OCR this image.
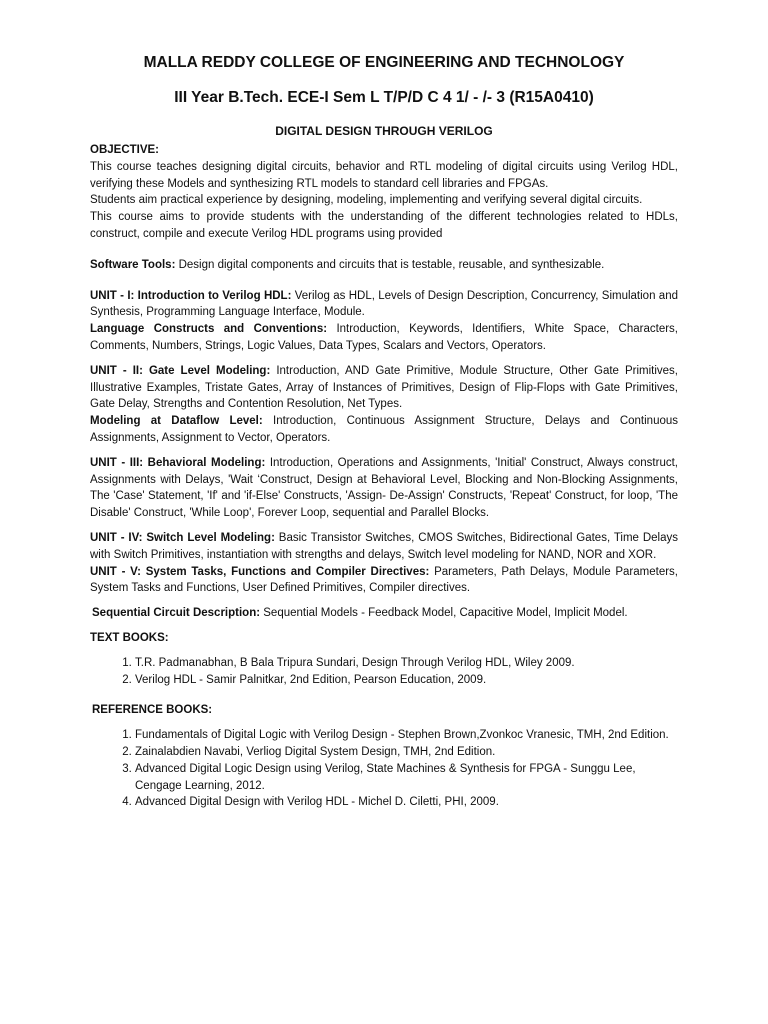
MALLA REDDY COLLEGE OF ENGINEERING AND TECHNOLOGY
III Year B.Tech. ECE-I Sem L T/P/D C 4 1/ - /- 3 (R15A0410)
DIGITAL DESIGN THROUGH VERILOG

OBJECTIVE:

This course teaches designing digital circuits, behavior and RTL modeling of digital circuits using Verilog HDL, verifying these Models and synthesizing RTL models to standard cell libraries and FPGAs.

Students aim practical experience by designing, modeling, implementing and verifying several digital circuits.

This course aims to provide students with the understanding of the different technologies related to HDLs, construct, compile and execute Verilog HDL programs using provided

Software Tools: Design digital components and circuits that is testable, reusable, and synthesizable.

UNIT - I: Introduction to Verilog HDL: Verilog as HDL, Levels of Design Description, Concurrency, Simulation and Synthesis, Programming Language Interface, Module.

Language Constructs and Conventions: Introduction, Keywords, Identifiers, White Space, Characters, Comments, Numbers, Strings, Logic Values, Data Types, Scalars and Vectors, Operators.

UNIT - II: Gate Level Modeling: Introduction, AND Gate Primitive, Module Structure, Other Gate Primitives, Illustrative Examples, Tristate Gates, Array of Instances of Primitives, Design of Flip-Flops with Gate Primitives, Gate Delay, Strengths and Contention Resolution, Net Types.

Modeling at Dataflow Level: Introduction, Continuous Assignment Structure, Delays and Continuous Assignments, Assignment to Vector, Operators.

UNIT - III: Behavioral Modeling: Introduction, Operations and Assignments, 'Initial' Construct, Always construct, Assignments with Delays, 'Wait ‘Construct, Design at Behavioral Level, Blocking and Non-Blocking Assignments, The 'Case' Statement, 'If' and 'if-Else' Constructs, 'Assign- De-Assign' Constructs, 'Repeat' Construct, for loop, 'The Disable' Construct, 'While Loop', Forever Loop, sequential and Parallel Blocks.

UNIT - IV: Switch Level Modeling: Basic Transistor Switches, CMOS Switches, Bidirectional Gates, Time Delays with Switch Primitives, instantiation with strengths and delays, Switch level modeling for NAND, NOR and XOR.

UNIT - V: System Tasks, Functions and Compiler Directives: Parameters, Path Delays, Module Parameters, System Tasks and Functions, User Defined Primitives, Compiler directives.

Sequential Circuit Description: Sequential Models - Feedback Model, Capacitive Model, Implicit Model.

TEXT BOOKS:

1. T.R. Padmanabhan, B Bala Tripura Sundari, Design Through Verilog HDL, Wiley 2009.
2. Verilog HDL - Samir Palnitkar, 2nd Edition, Pearson Education, 2009.

REFERENCE BOOKS:

1. Fundamentals of Digital Logic with Verilog Design - Stephen Brown,Zvonkoc Vranesic, TMH, 2nd Edition.
2. Zainalabdien Navabi, Verliog Digital System Design, TMH, 2nd Edition.
3. Advanced Digital Logic Design using Verilog, State Machines & Synthesis for FPGA - Sunggu Lee, Cengage Learning, 2012.
4. Advanced Digital Design with Verilog HDL - Michel D. Ciletti, PHI, 2009.
